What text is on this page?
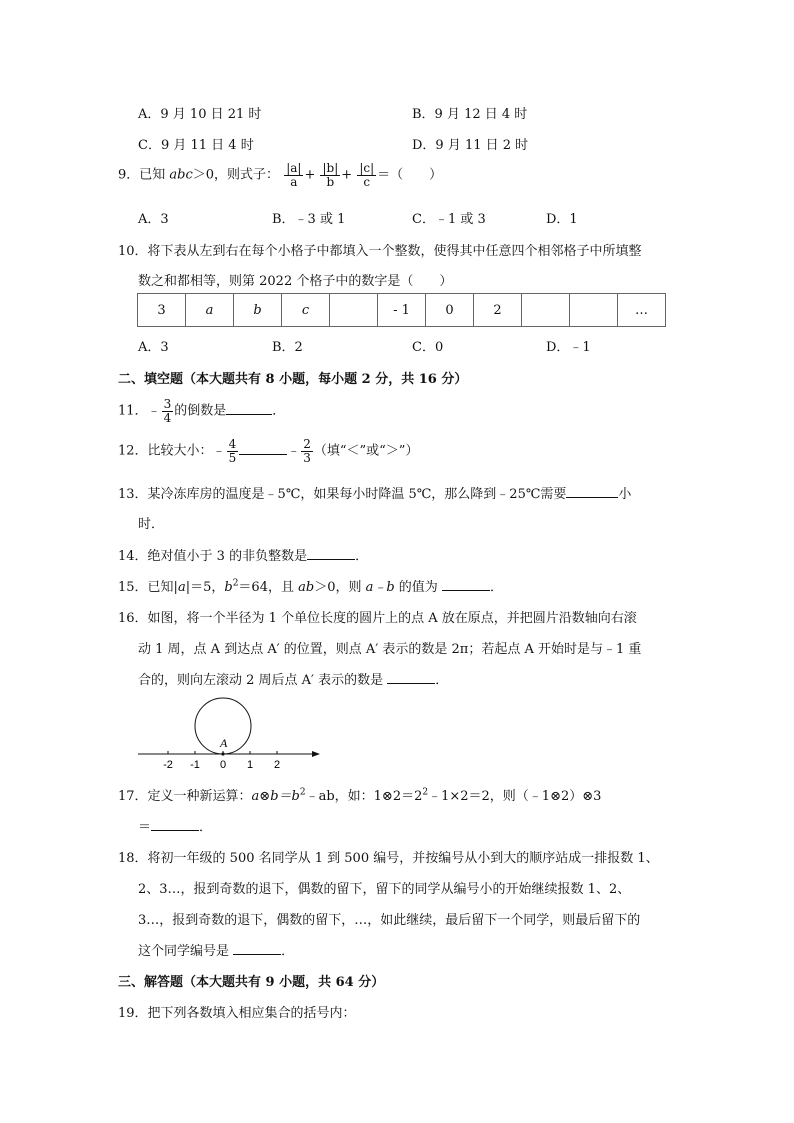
A．9 月 10 日 21 时	B．9 月 12 日 4 时
C．9 月 11 日 4 时	D．9 月 11 日 2 时
9．已知 abc＞0，则式子： $\frac{|a|}{a} + \frac{|b|}{b} + \frac{|c|}{c}$ ＝（　　）
A．3	B．﹣3 或 1	C．﹣1 或 3	D．1
10．将下表从左到右在每个小格子中都填入一个整数，使得其中任意四个相邻格子中所填整
数之和都相等，则第 2022 个格子中的数字是（　　）
3	a	b	c		- 1	0	2			…
A．3	B．2	C．0	D．﹣1
二、填空题（本大题共有 8 小题，每小题 2 分，共 16 分）
11．﹣ $\frac{3}{4}$ 的倒数是	．
12．比较大小：﹣ $\frac{4}{5}$	﹣ $\frac{2}{3}$ （填“＜”或“＞”）
13．某冷冻库房的温度是﹣5℃，如果每小时降温 5℃，那么降到﹣25℃需要	小
时．
14．绝对值小于 3 的非负整数是	．
15．已知|a|＝5，$b^2=64$，且 ab＞0，则 a﹣b 的值为	．
16．如图，将一个半径为 1 个单位长度的圆片上的点 A 放在原点，并把圆片沿数轴向右滚
动 1 周，点 A 到达点 A′ 的位置，则点 A′ 表示的数是 2π；若起点 A 开始时是与﹣1 重
合的，则向左滚动 2 周后点 A′ 表示的数是	．
A
-2 -1 0 1 2
17．定义一种新运算：$a\otimes b=b^2﹣ab$，如：$1\otimes 2=2^2﹣1\times 2=2$，则（﹣1⊗2）⊗3
＝	．
18．将初一年级的 500 名同学从 1 到 500 编号，并按编号从小到大的顺序站成一排报数 1、
2、3…，报到奇数的退下，偶数的留下，留下的同学从编号小的开始继续报数 1、2、
3…，报到奇数的退下，偶数的留下，…，如此继续，最后留下一个同学，则最后留下的
这个同学编号是	．
三、解答题（本大题共有 9 小题，共 64 分）
19．把下列各数填入相应集合的括号内：
